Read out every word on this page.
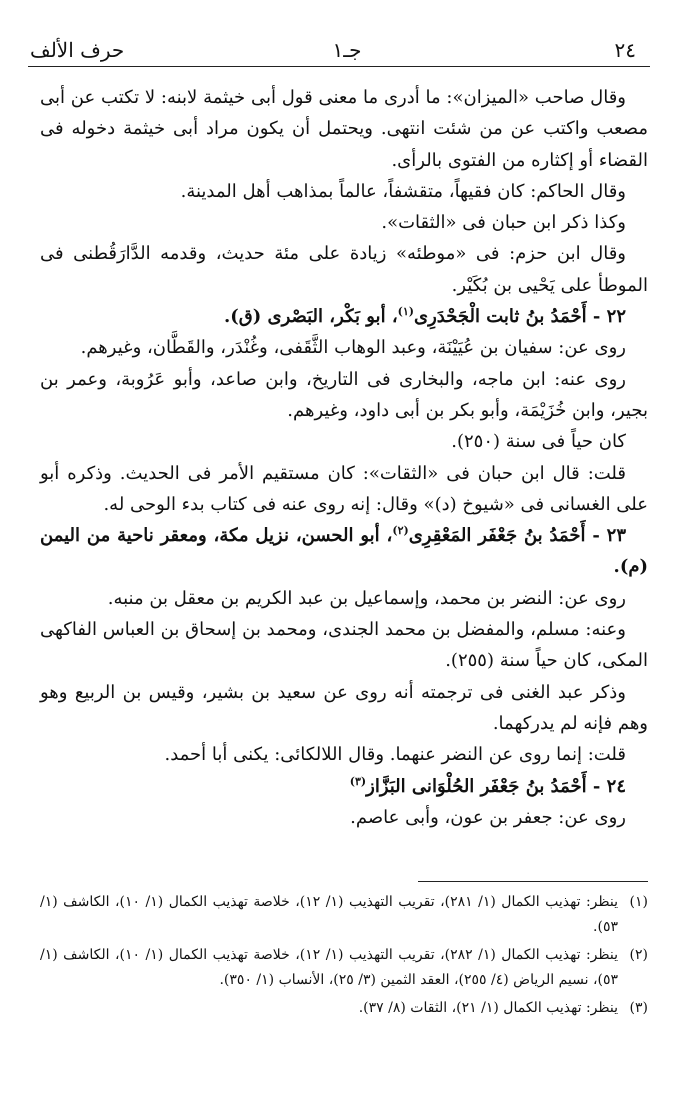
٢٤
جـ١
حرف الألف

وقال صاحب «الميزان»: ما أدرى ما معنى قول أبى خيثمة لابنه: لا تكتب عن أبى مصعب واكتب عن من شئت انتهى. ويحتمل أن يكون مراد أبى خيثمة دخوله فى القضاء أو إكثاره من الفتوى بالرأى.

وقال الحاكم: كان فقيهاً، متقشفاً، عالماً بمذاهب أهل المدينة.

وكذا ذكر ابن حبان فى «الثقات».

وقال ابن حزم: فى «موطئه» زيادة على مئة حديث، وقدمه الدَّارَقُطنى فى الموطأ على يَحْيى بن بُكَيْر.

٢٢ - أَحْمَدُ بنُ ثابت الْجَحْدَرِى$^{(١)}$، أبو بَكْر، البَصْرى (ق).

روى عن: سفيان بن عُيَيْنَة، وعبد الوهاب الثَّقَفى، وغُنْدَر، والقَطَّان، وغيرهم.

روى عنه: ابن ماجه، والبخارى فى التاريخ، وابن صاعد، وأبو عَرُوبة، وعمر بن بجير، وابن خُزَيْمَة، وأبو بكر بن أبى داود، وغيرهم.

كان حياً فى سنة (٢٥٠).

قلت: قال ابن حبان فى «الثقات»: كان مستقيم الأمر فى الحديث. وذكره أبو على الغسانى فى «شيوخ (د)» وقال: إنه روى عنه فى كتاب بدء الوحى له.

٢٣ - أَحْمَدُ بنُ جَعْفَر المَعْقِرِى$^{(٢)}$، أبو الحسن، نزيل مكة، ومعقر ناحية من اليمن (م).

روى عن: النضر بن محمد، وإسماعيل بن عبد الكريم بن معقل بن منبه.

وعنه: مسلم، والمفضل بن محمد الجندى، ومحمد بن إسحاق بن العباس الفاكهى المكى، كان حياً سنة (٢٥٥).

وذكر عبد الغنى فى ترجمته أنه روى عن سعيد بن بشير، وقيس بن الربيع وهو وهم فإنه لم يدركهما.

قلت: إنما روى عن النضر عنهما. وقال اللالكائى: يكنى أبا أحمد.

٢٤ - أَحْمَدُ بنُ جَعْفَر الحُلْوَانى البَزَّاز$^{(٣)}$

روى عن: جعفر بن عون، وأبى عاصم.

(١)
ينظر: تهذيب الكمال (١/ ٢٨١)، تقريب التهذيب (١/ ١٢)، خلاصة تهذيب الكمال (١/ ١٠)، الكاشف (١/ ٥٣).

(٢)
ينظر: تهذيب الكمال (١/ ٢٨٢)، تقريب التهذيب (١/ ١٢)، خلاصة تهذيب الكمال (١/ ١٠)، الكاشف (١/ ٥٣)، نسيم الرياض (٤/ ٢٥٥)، العقد الثمين (٣/ ٢٥)، الأنساب (١/ ٣٥٠).

(٣)
ينظر: تهذيب الكمال (١/ ٢١)، الثقات (٨/ ٣٧).
